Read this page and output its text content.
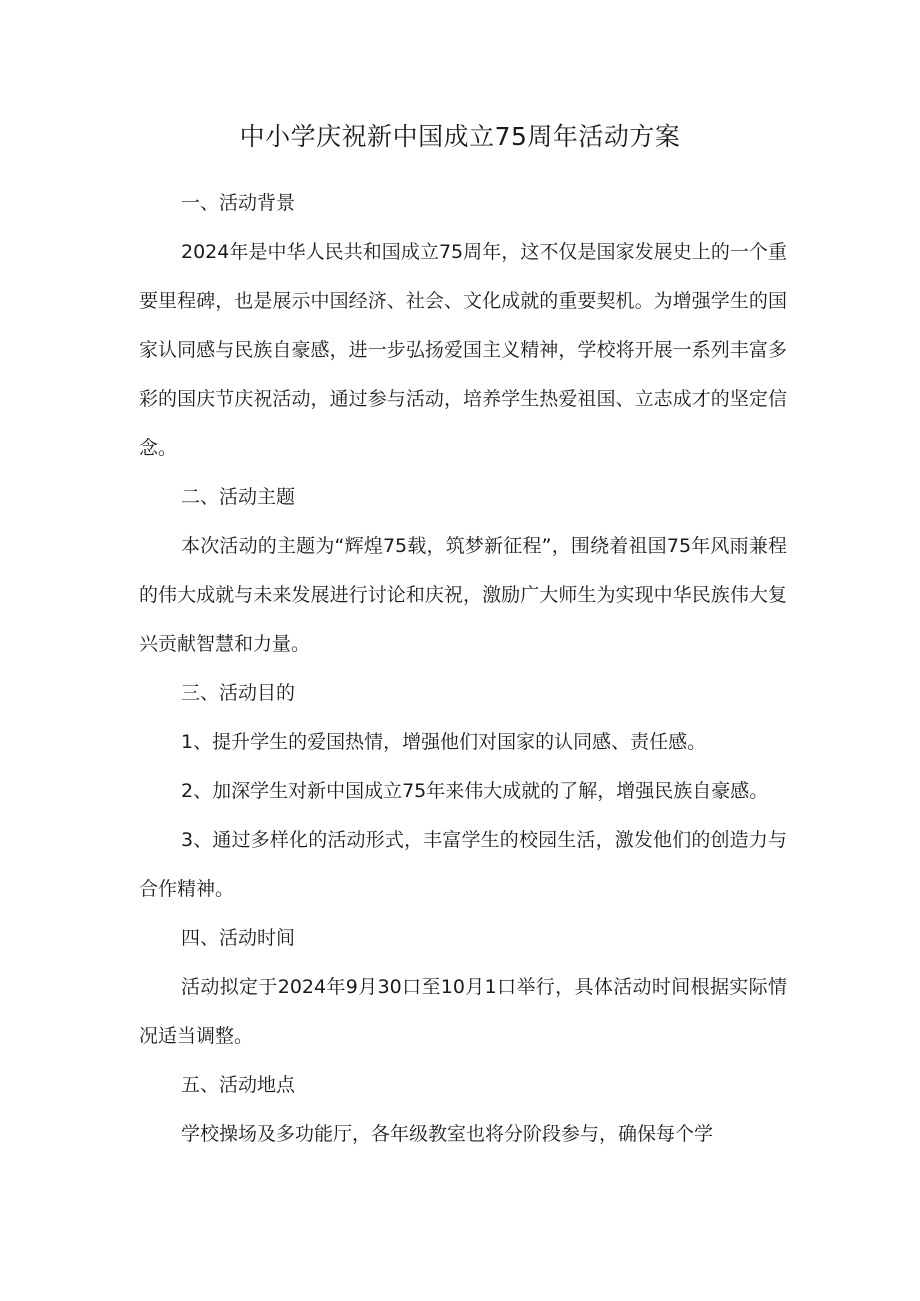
中小学庆祝新中国成立75周年活动方案

一、活动背景

2024年是中华人民共和国成立75周年，这不仅是国家发展史上的一个重要里程碑，也是展示中国经济、社会、文化成就的重要契机。为增强学生的国家认同感与民族自豪感，进一步弘扬爱国主义精神，学校将开展一系列丰富多彩的国庆节庆祝活动，通过参与活动，培养学生热爱祖国、立志成才的坚定信念。

二、活动主题

本次活动的主题为“辉煌75载，筑梦新征程”，围绕着祖国75年风雨兼程的伟大成就与未来发展进行讨论和庆祝，激励广大师生为实现中华民族伟大复兴贡献智慧和力量。

三、活动目的

1、提升学生的爱国热情，增强他们对国家的认同感、责任感。

2、加深学生对新中国成立75年来伟大成就的了解，增强民族自豪感。

3、通过多样化的活动形式，丰富学生的校园生活，激发他们的创造力与合作精神。

四、活动时间

活动拟定于2024年9月30口至10月1口举行，具体活动时间根据实际情况适当调整。

五、活动地点

学校操场及多功能厅，各年级教室也将分阶段参与，确保每个学
